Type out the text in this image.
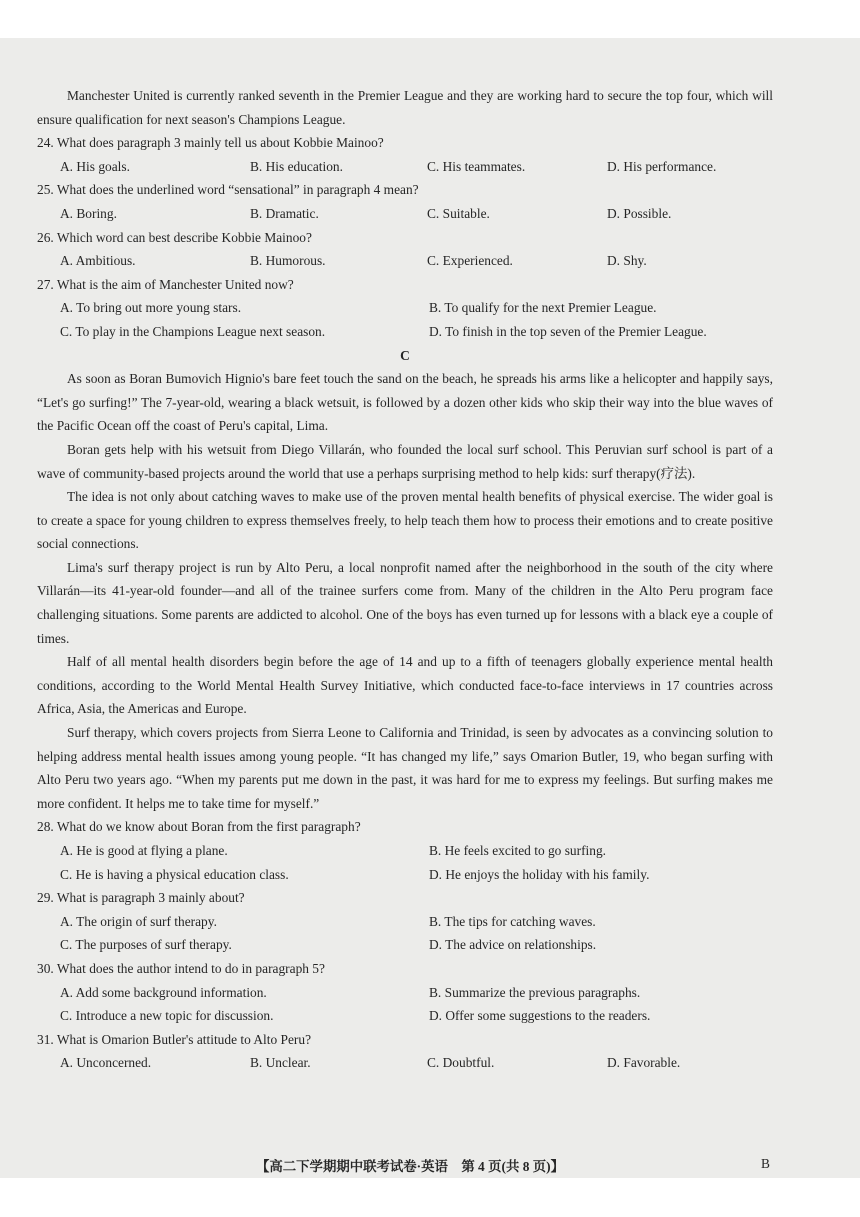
Manchester United is currently ranked seventh in the Premier League and they are working hard to secure the top four, which will ensure qualification for next season's Champions League.

24. What does paragraph 3 mainly tell us about Kobbie Mainoo?

A. His goals.	B. His education.	C. His teammates.	D. His performance.

25. What does the underlined word “sensational” in paragraph 4 mean?

A. Boring.	B. Dramatic.	C. Suitable.	D. Possible.

26. Which word can best describe Kobbie Mainoo?

A. Ambitious.	B. Humorous.	C. Experienced.	D. Shy.

27. What is the aim of Manchester United now?

A. To bring out more young stars.	B. To qualify for the next Premier League.
C. To play in the Champions League next season.	D. To finish in the top seven of the Premier League.

C

As soon as Boran Bumovich Hignio's bare feet touch the sand on the beach, he spreads his arms like a helicopter and happily says, “Let's go surfing!” The 7-year-old, wearing a black wetsuit, is followed by a dozen other kids who skip their way into the blue waves of the Pacific Ocean off the coast of Peru's capital, Lima.

Boran gets help with his wetsuit from Diego Villarán, who founded the local surf school. This Peruvian surf school is part of a wave of community-based projects around the world that use a perhaps surprising method to help kids: surf therapy(疗法).

The idea is not only about catching waves to make use of the proven mental health benefits of physical exercise. The wider goal is to create a space for young children to express themselves freely, to help teach them how to process their emotions and to create positive social connections.

Lima's surf therapy project is run by Alto Peru, a local nonprofit named after the neighborhood in the south of the city where Villarán—its 41-year-old founder—and all of the trainee surfers come from. Many of the children in the Alto Peru program face challenging situations. Some parents are addicted to alcohol. One of the boys has even turned up for lessons with a black eye a couple of times.

Half of all mental health disorders begin before the age of 14 and up to a fifth of teenagers globally experience mental health conditions, according to the World Mental Health Survey Initiative, which conducted face-to-face interviews in 17 countries across Africa, Asia, the Americas and Europe.

Surf therapy, which covers projects from Sierra Leone to California and Trinidad, is seen by advocates as a convincing solution to helping address mental health issues among young people. “It has changed my life,” says Omarion Butler, 19, who began surfing with Alto Peru two years ago. “When my parents put me down in the past, it was hard for me to express my feelings. But surfing makes me more confident. It helps me to take time for myself.”

28. What do we know about Boran from the first paragraph?

A. He is good at flying a plane.	B. He feels excited to go surfing.
C. He is having a physical education class.	D. He enjoys the holiday with his family.

29. What is paragraph 3 mainly about?

A. The origin of surf therapy.	B. The tips for catching waves.
C. The purposes of surf therapy.	D. The advice on relationships.

30. What does the author intend to do in paragraph 5?

A. Add some background information.	B. Summarize the previous paragraphs.
C. Introduce a new topic for discussion.	D. Offer some suggestions to the readers.

31. What is Omarion Butler's attitude to Alto Peru?

A. Unconcerned.	B. Unclear.	C. Doubtful.	D. Favorable.
【高二下学期期中联考试卷·英语　第 4 页(共 8 页)】	B
